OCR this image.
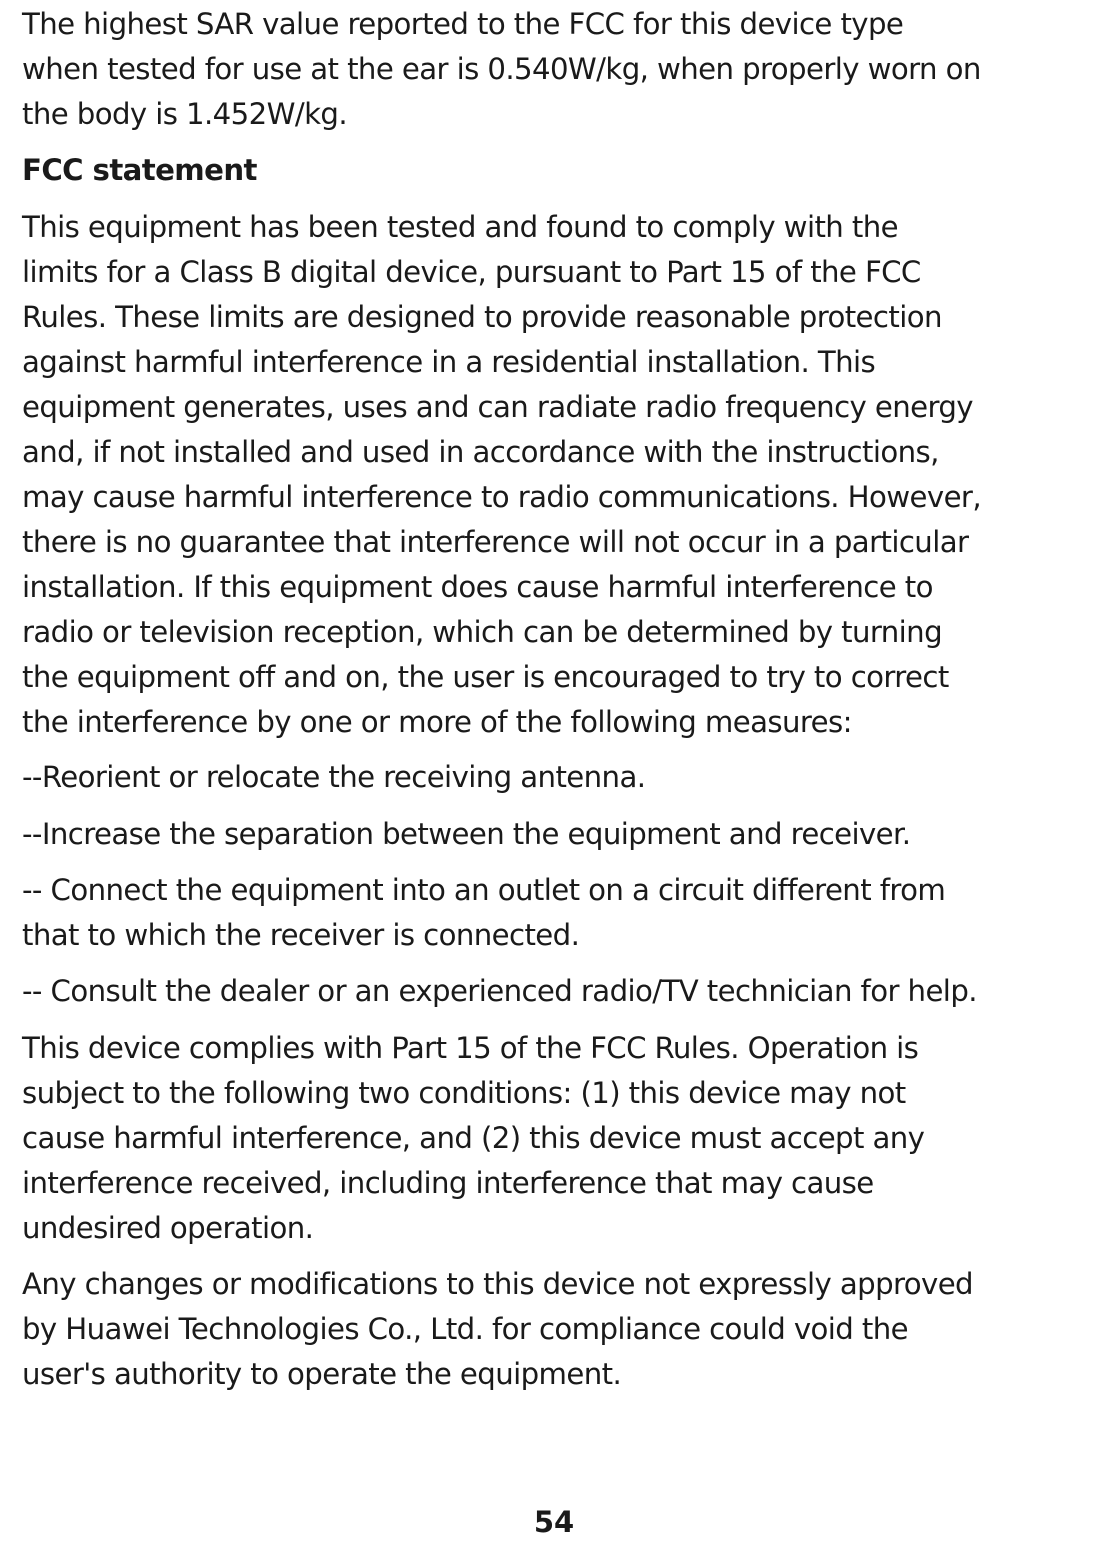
The highest SAR value reported to the FCC for this device type
when tested for use at the ear is 0.540W/kg, when properly worn on
the body is 1.452W/kg.

FCC statement

This equipment has been tested and found to comply with the
limits for a Class B digital device, pursuant to Part 15 of the FCC
Rules. These limits are designed to provide reasonable protection
against harmful interference in a residential installation. This
equipment generates, uses and can radiate radio frequency energy
and, if not installed and used in accordance with the instructions,
may cause harmful interference to radio communications. However,
there is no guarantee that interference will not occur in a particular
installation. If this equipment does cause harmful interference to
radio or television reception, which can be determined by turning
the equipment off and on, the user is encouraged to try to correct
the interference by one or more of the following measures:

--Reorient or relocate the receiving antenna.

--Increase the separation between the equipment and receiver.

-- Connect the equipment into an outlet on a circuit different from
that to which the receiver is connected.

-- Consult the dealer or an experienced radio/TV technician for help.

This device complies with Part 15 of the FCC Rules. Operation is
subject to the following two conditions: (1) this device may not
cause harmful interference, and (2) this device must accept any
interference received, including interference that may cause
undesired operation.

Any changes or modifications to this device not expressly approved
by Huawei Technologies Co., Ltd. for compliance could void the
user's authority to operate the equipment.

54
